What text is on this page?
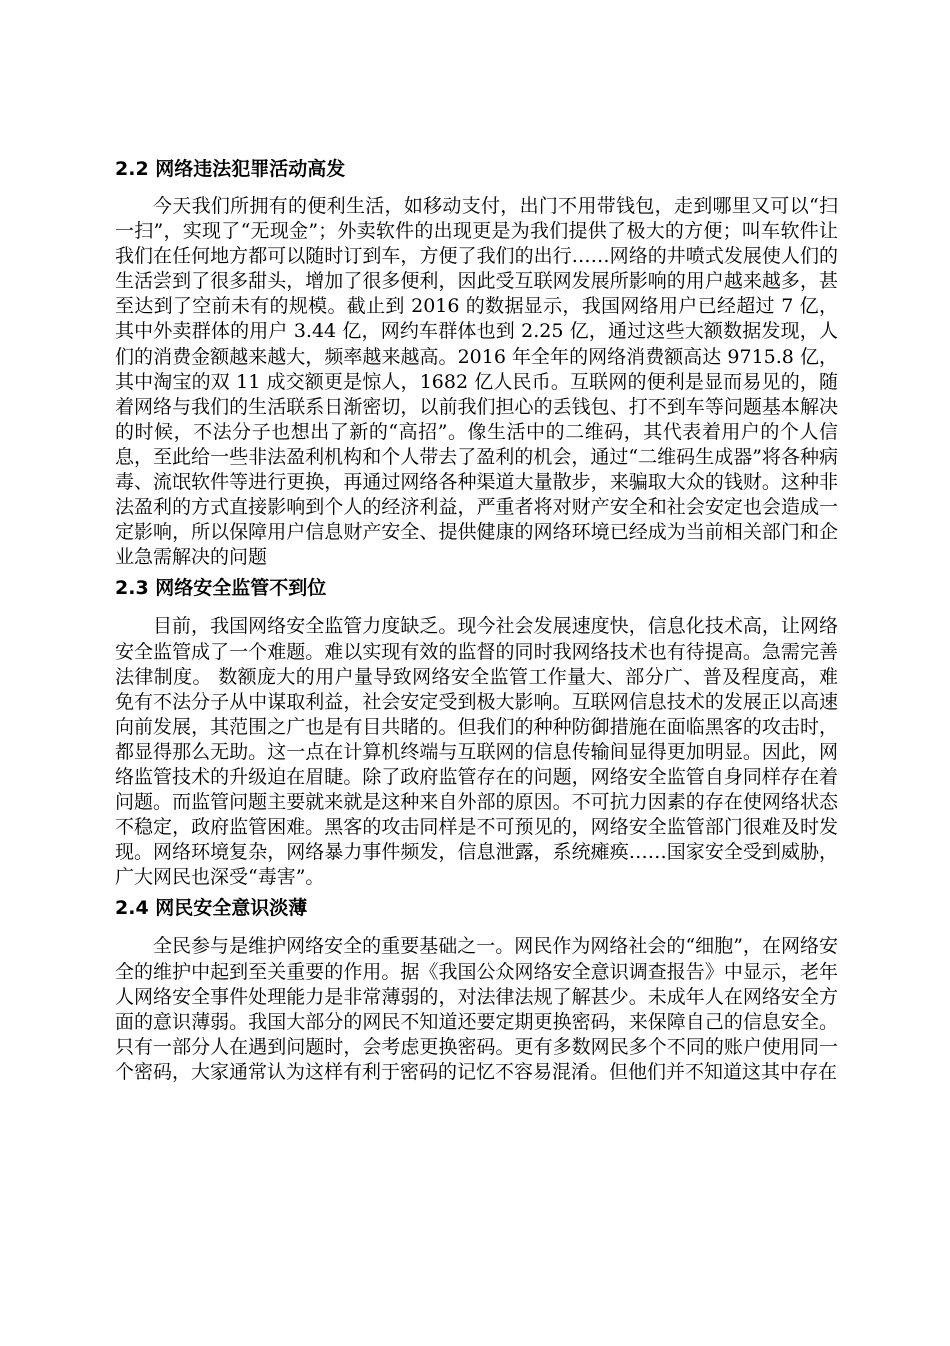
2.2 网络违法犯罪活动高发

今天我们所拥有的便利生活，如移动支付，出门不用带钱包，走到哪里又可以“扫一扫”，实现了“无现金”；外卖软件的出现更是为我们提供了极大的方便；叫车软件让我们在任何地方都可以随时订到车，方便了我们的出行……网络的井喷式发展使人们的生活尝到了很多甜头，增加了很多便利，因此受互联网发展所影响的用户越来越多，甚至达到了空前未有的规模。截止到 2016 的数据显示，我国网络用户已经超过 7 亿，其中外卖群体的用户 3.44 亿，网约车群体也到 2.25 亿，通过这些大额数据发现，人们的消费金额越来越大，频率越来越高。2016 年全年的网络消费额高达 9715.8 亿，其中淘宝的双 11 成交额更是惊人，1682 亿人民币。互联网的便利是显而易见的，随着网络与我们的生活联系日渐密切，以前我们担心的丢钱包、打不到车等问题基本解决的时候，不法分子也想出了新的“高招”。像生活中的二维码，其代表着用户的个人信息，至此给一些非法盈利机构和个人带去了盈利的机会，通过“二维码生成器”将各种病毒、流氓软件等进行更换，再通过网络各种渠道大量散步，来骗取大众的钱财。这种非法盈利的方式直接影响到个人的经济利益，严重者将对财产安全和社会安定也会造成一定影响，所以保障用户信息财产安全、提供健康的网络环境已经成为当前相关部门和企业急需解决的问题

2.3 网络安全监管不到位

目前，我国网络安全监管力度缺乏。现今社会发展速度快，信息化技术高，让网络安全监管成了一个难题。难以实现有效的监督的同时我网络技术也有待提高。急需完善法律制度。 数额庞大的用户量导致网络安全监管工作量大、部分广、普及程度高，难免有不法分子从中谋取利益，社会安定受到极大影响。互联网信息技术的发展正以高速向前发展，其范围之广也是有目共睹的。但我们的种种防御措施在面临黑客的攻击时，都显得那么无助。这一点在计算机终端与互联网的信息传输间显得更加明显。因此，网络监管技术的升级迫在眉睫。除了政府监管存在的问题，网络安全监管自身同样存在着问题。而监管问题主要就来就是这种来自外部的原因。不可抗力因素的存在使网络状态不稳定，政府监管困难。黑客的攻击同样是不可预见的，网络安全监管部门很难及时发现。网络环境复杂，网络暴力事件频发，信息泄露，系统瘫痪……国家安全受到威胁，广大网民也深受“毒害”。

2.4 网民安全意识淡薄

全民参与是维护网络安全的重要基础之一。网民作为网络社会的“细胞”，在网络安全的维护中起到至关重要的作用。据《我国公众网络安全意识调查报告》中显示，老年人网络安全事件处理能力是非常薄弱的，对法律法规了解甚少。未成年人在网络安全方面的意识薄弱。我国大部分的网民不知道还要定期更换密码，来保障自己的信息安全。只有一部分人在遇到问题时，会考虑更换密码。更有多数网民多个不同的账户使用同一个密码，大家通常认为这样有利于密码的记忆不容易混淆。但他们并不知道这其中存在
